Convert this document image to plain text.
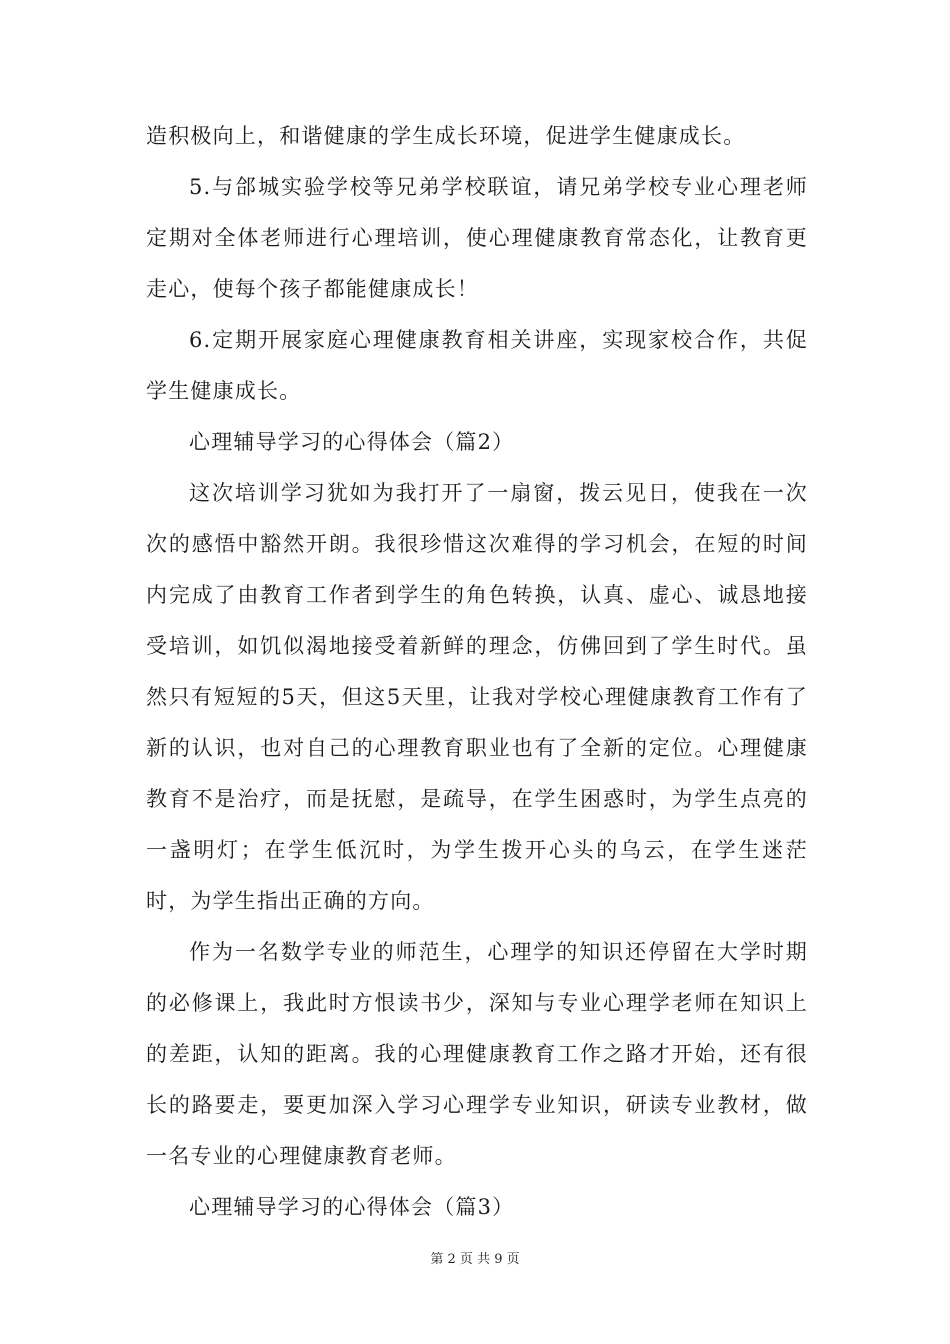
造积极向上，和谐健康的学生成长环境，促进学生健康成长。

5.与郃城实验学校等兄弟学校联谊，请兄弟学校专业心理老师定期对全体老师进行心理培训，使心理健康教育常态化，让教育更走心，使每个孩子都能健康成长！

6.定期开展家庭心理健康教育相关讲座，实现家校合作，共促学生健康成长。

心理辅导学习的心得体会（篇2）

这次培训学习犹如为我打开了一扇窗，拨云见日，使我在一次次的感悟中豁然开朗。我很珍惜这次难得的学习机会，在短的时间内完成了由教育工作者到学生的角色转换，认真、虚心、诚恳地接受培训，如饥似渴地接受着新鲜的理念，仿佛回到了学生时代。虽然只有短短的5天，但这5天里，让我对学校心理健康教育工作有了新的认识，也对自己的心理教育职业也有了全新的定位。心理健康教育不是治疗，而是抚慰，是疏导，在学生困惑时，为学生点亮的一盏明灯；在学生低沉时，为学生拨开心头的乌云，在学生迷茫时，为学生指出正确的方向。

作为一名数学专业的师范生，心理学的知识还停留在大学时期的必修课上，我此时方恨读书少，深知与专业心理学老师在知识上的差距，认知的距离。我的心理健康教育工作之路才开始，还有很长的路要走，要更加深入学习心理学专业知识，研读专业教材，做一名专业的心理健康教育老师。

心理辅导学习的心得体会（篇3）

第 2 页 共 9 页
